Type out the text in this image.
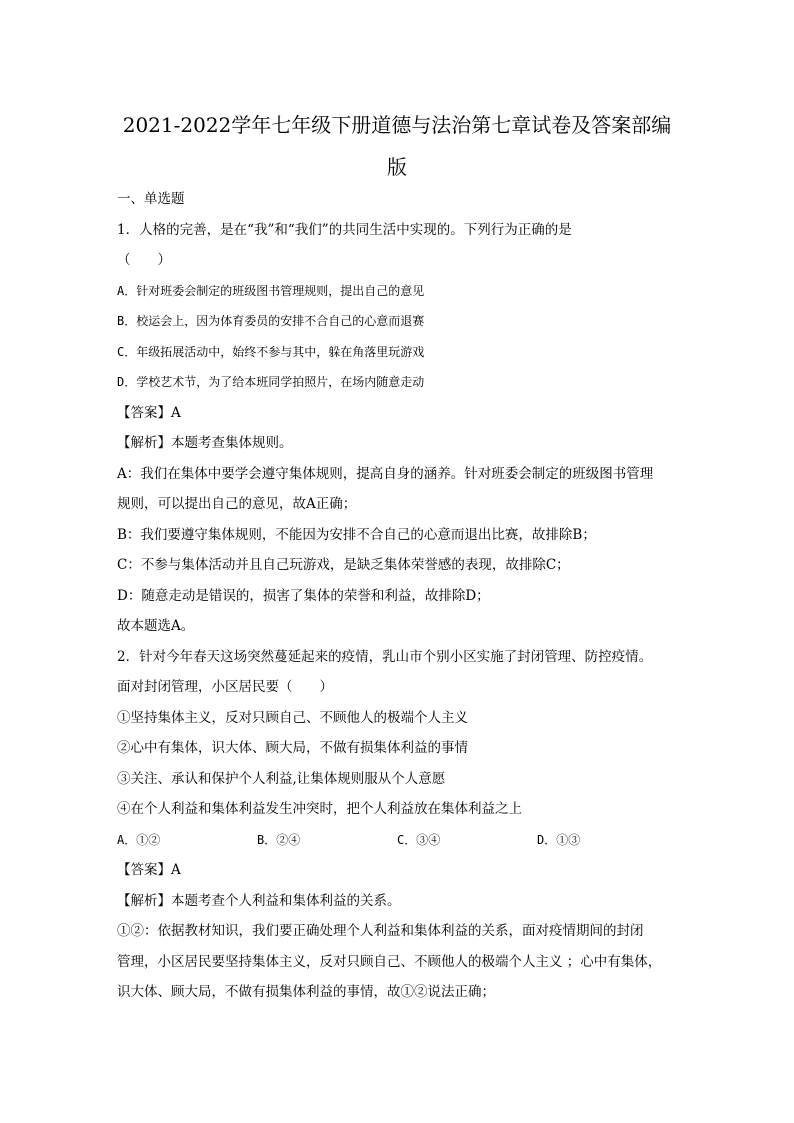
2021-2022学年七年级下册道德与法治第七章试卷及答案部编版
一、单选题
1．人格的完善，是在“我”和“我们”的共同生活中实现的。下列行为正确的是
（　　）
A．针对班委会制定的班级图书管理规则，提出自己的意见
B．校运会上，因为体育委员的安排不合自己的心意而退赛
C．年级拓展活动中，始终不参与其中，躲在角落里玩游戏
D．学校艺术节，为了给本班同学拍照片，在场内随意走动
【答案】A
【解析】本题考查集体规则。
A：我们在集体中要学会遵守集体规则，提高自身的涵养。针对班委会制定的班级图书管理
规则，可以提出自己的意见，故A正确；
B：我们要遵守集体规则，不能因为安排不合自己的心意而退出比赛，故排除B；
C：不参与集体活动并且自己玩游戏，是缺乏集体荣誉感的表现，故排除C；
D：随意走动是错误的，损害了集体的荣誉和利益，故排除D；
故本题选A。
2．针对今年春天这场突然蔓延起来的疫情，乳山市个别小区实施了封闭管理、防控疫情。
面对封闭管理，小区居民要（　　）
①坚持集体主义，反对只顾自己、不顾他人的极端个人主义
②心中有集体，识大体、顾大局，不做有损集体利益的事情
③关注、承认和保护个人利益,让集体规则服从个人意愿
④在个人利益和集体利益发生冲突时，把个人利益放在集体利益之上
A．①②	B．②④	C．③④	D．①③
【答案】A
【解析】本题考查个人利益和集体利益的关系。
①②：依据教材知识，我们要正确处理个人利益和集体利益的关系，面对疫情期间的封闭
管理，小区居民要坚持集体主义，反对只顾自己、不顾他人的极端个人主义 ；心中有集体，
识大体、顾大局，不做有损集体利益的事情，故①②说法正确；
